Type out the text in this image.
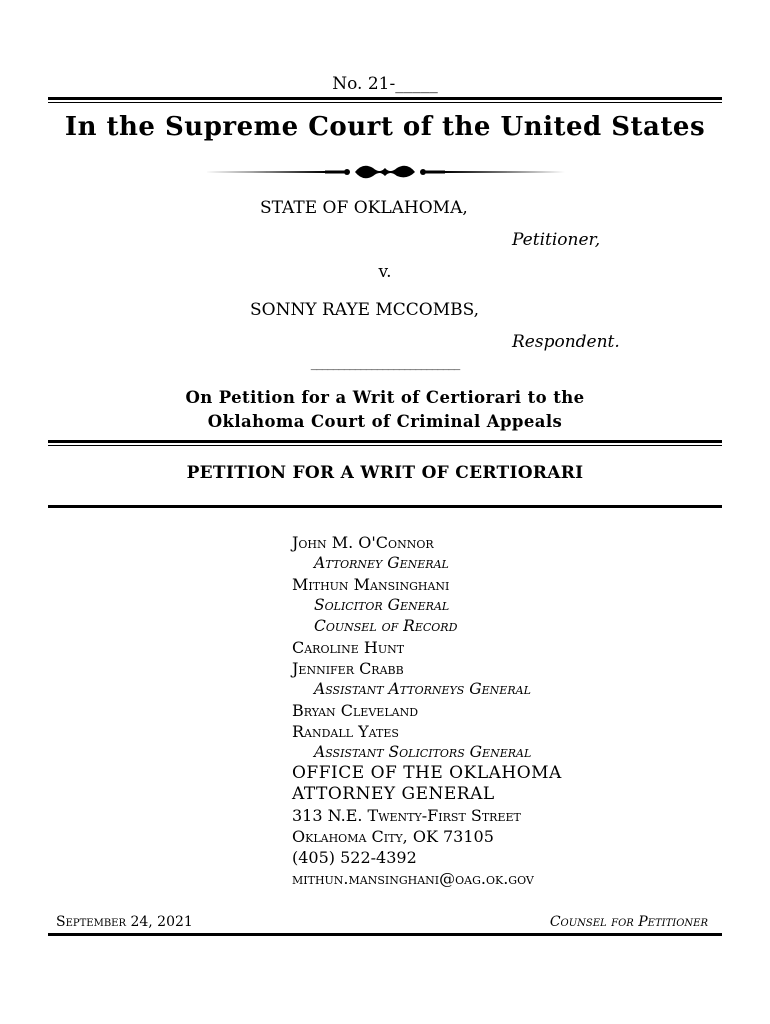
No. 21-_____
In the Supreme Court of the United States
STATE OF OKLAHOMA,
Petitioner,
v.
SONNY RAYE MCCOMBS,
Respondent.
___________________________
On Petition for a Writ of Certiorari to the
Oklahoma Court of Criminal Appeals
PETITION FOR A WRIT OF CERTIORARI
John M. O'Connor
Attorney General
Mithun Mansinghani
Solicitor General
Counsel of Record
Caroline Hunt
Jennifer Crabb
Assistant Attorneys General
Bryan Cleveland
Randall Yates
Assistant Solicitors General
OFFICE OF THE OKLAHOMA
ATTORNEY GENERAL
313 N.E. Twenty-First Street
Oklahoma City, OK 73105
(405) 522-4392
mithun.mansinghani@oag.ok.gov
September 24, 2021	Counsel for Petitioner
